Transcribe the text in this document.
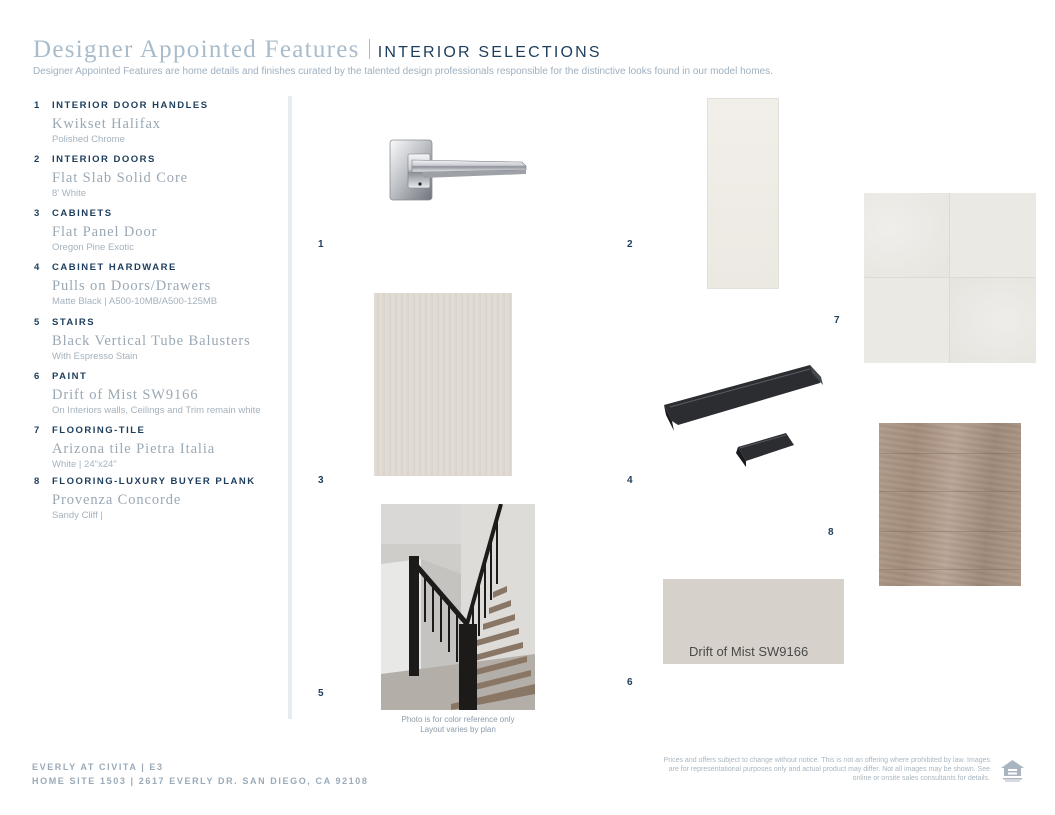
Designer Appointed Features INTERIOR SELECTIONS
Designer Appointed Features are home details and finishes curated by the talented design professionals responsible for the distinctive looks found in our model homes.
1 INTERIOR DOOR HANDLES
Kwikset Halifax
Polished Chrome
2 INTERIOR DOORS
Flat Slab Solid Core
8' White
3 CABINETS
Flat Panel Door
Oregon Pine Exotic
4 CABINET HARDWARE
Pulls on Doors/Drawers
Matte Black | A500-10MB/A500-125MB
5 STAIRS
Black Vertical Tube Balusters
With Espresso Stain
6 PAINT
Drift of Mist SW9166
On Interiors walls, Ceilings and Trim remain white
7 FLOORING-TILE
Arizona tile Pietra Italia
White | 24"x24"
8 FLOORING-LUXURY BUYER PLANK
Provenza Concorde
Sandy Cliff |
1	2
7
3	4
8
5
Photo is for color reference only
Layout varies by plan
Drift of Mist SW9166
6
EVERLY AT CIVITA | E3
HOME SITE 1503 | 2617 EVERLY DR. SAN DIEGO, CA 92108
Prices and offers subject to change without notice. This is not an offering where prohibited by law. Images are for representational purposes only and actual product may differ. Not all images may be shown. See online or onsite sales consultants for details.
